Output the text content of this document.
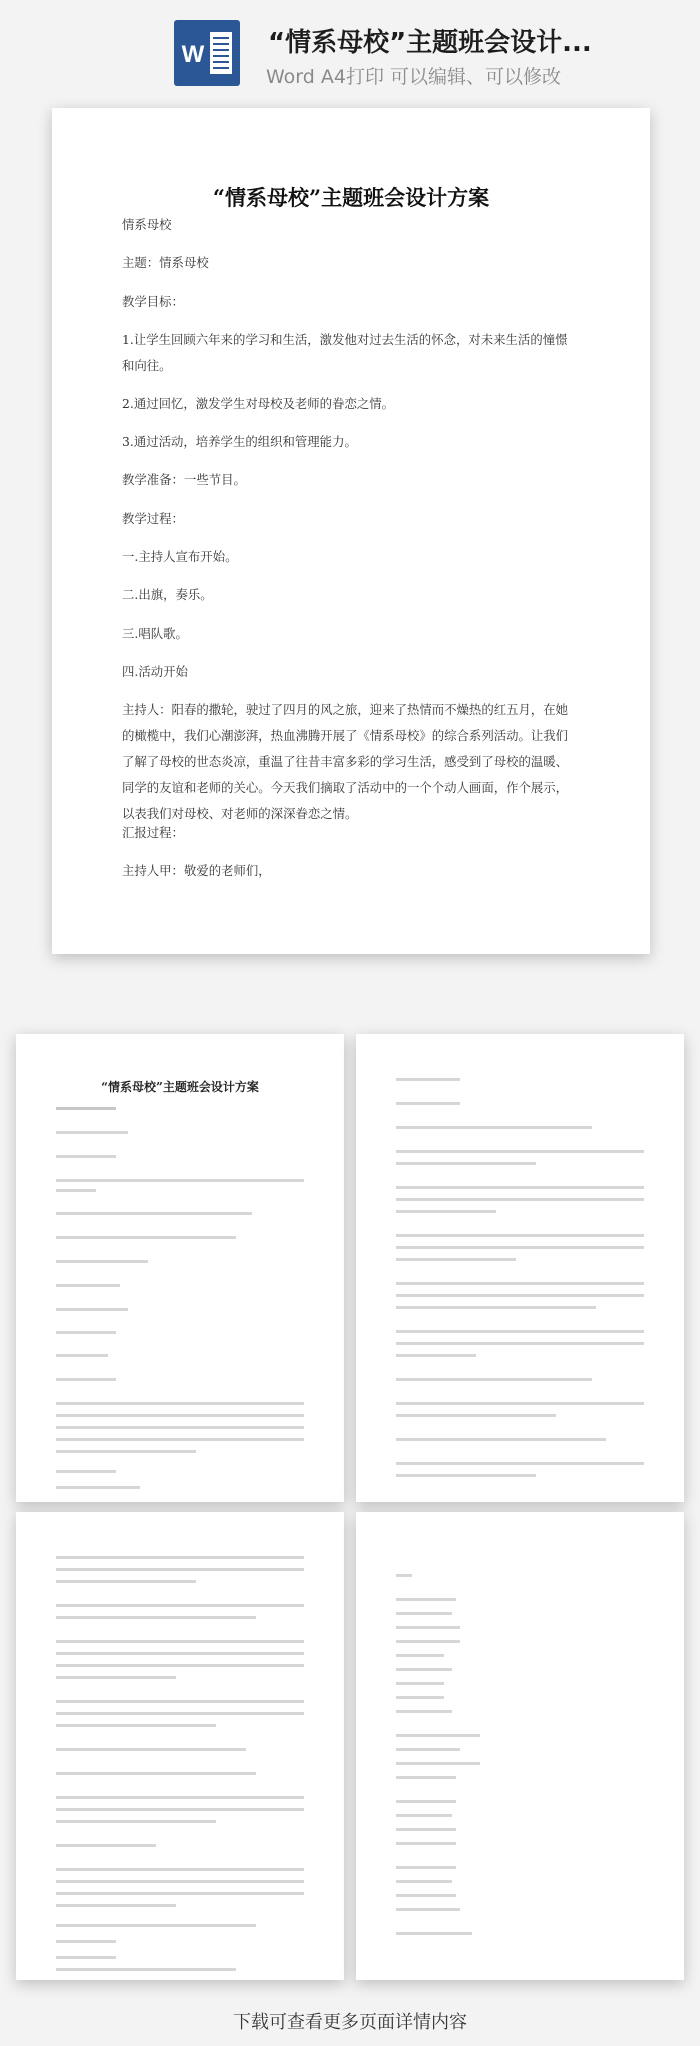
W “情系母校”主题班会设计...
Word A4打印 可以编辑、可以修改
“情系母校”主题班会设计方案

情系母校

主题：情系母校

教学目标：

1.让学生回顾六年来的学习和生活，激发他对过去生活的怀念，对未来生活的憧憬和向往。

2.通过回忆，激发学生对母校及老师的眷恋之情。

3.通过活动，培养学生的组织和管理能力。

教学准备：一些节目。

教学过程：

一.主持人宣布开始。

二.出旗，奏乐。

三.唱队歌。

四.活动开始

主持人：阳春的撒轮，驶过了四月的风之旅，迎来了热情而不燥热的红五月，在她的橄榄中，我们心潮澎湃，热血沸腾开展了《情系母校》的综合系列活动。让我们了解了母校的世态炎凉，重温了往昔丰富多彩的学习生活，感受到了母校的温暖、同学的友谊和老师的关心。今天我们摘取了活动中的一个个动人画面，作个展示，以表我们对母校、对老师的深深眷恋之情。

汇报过程：

主持人甲：敬爱的老师们，

“情系母校”主题班会设计方案
下载可查看更多页面详情内容
